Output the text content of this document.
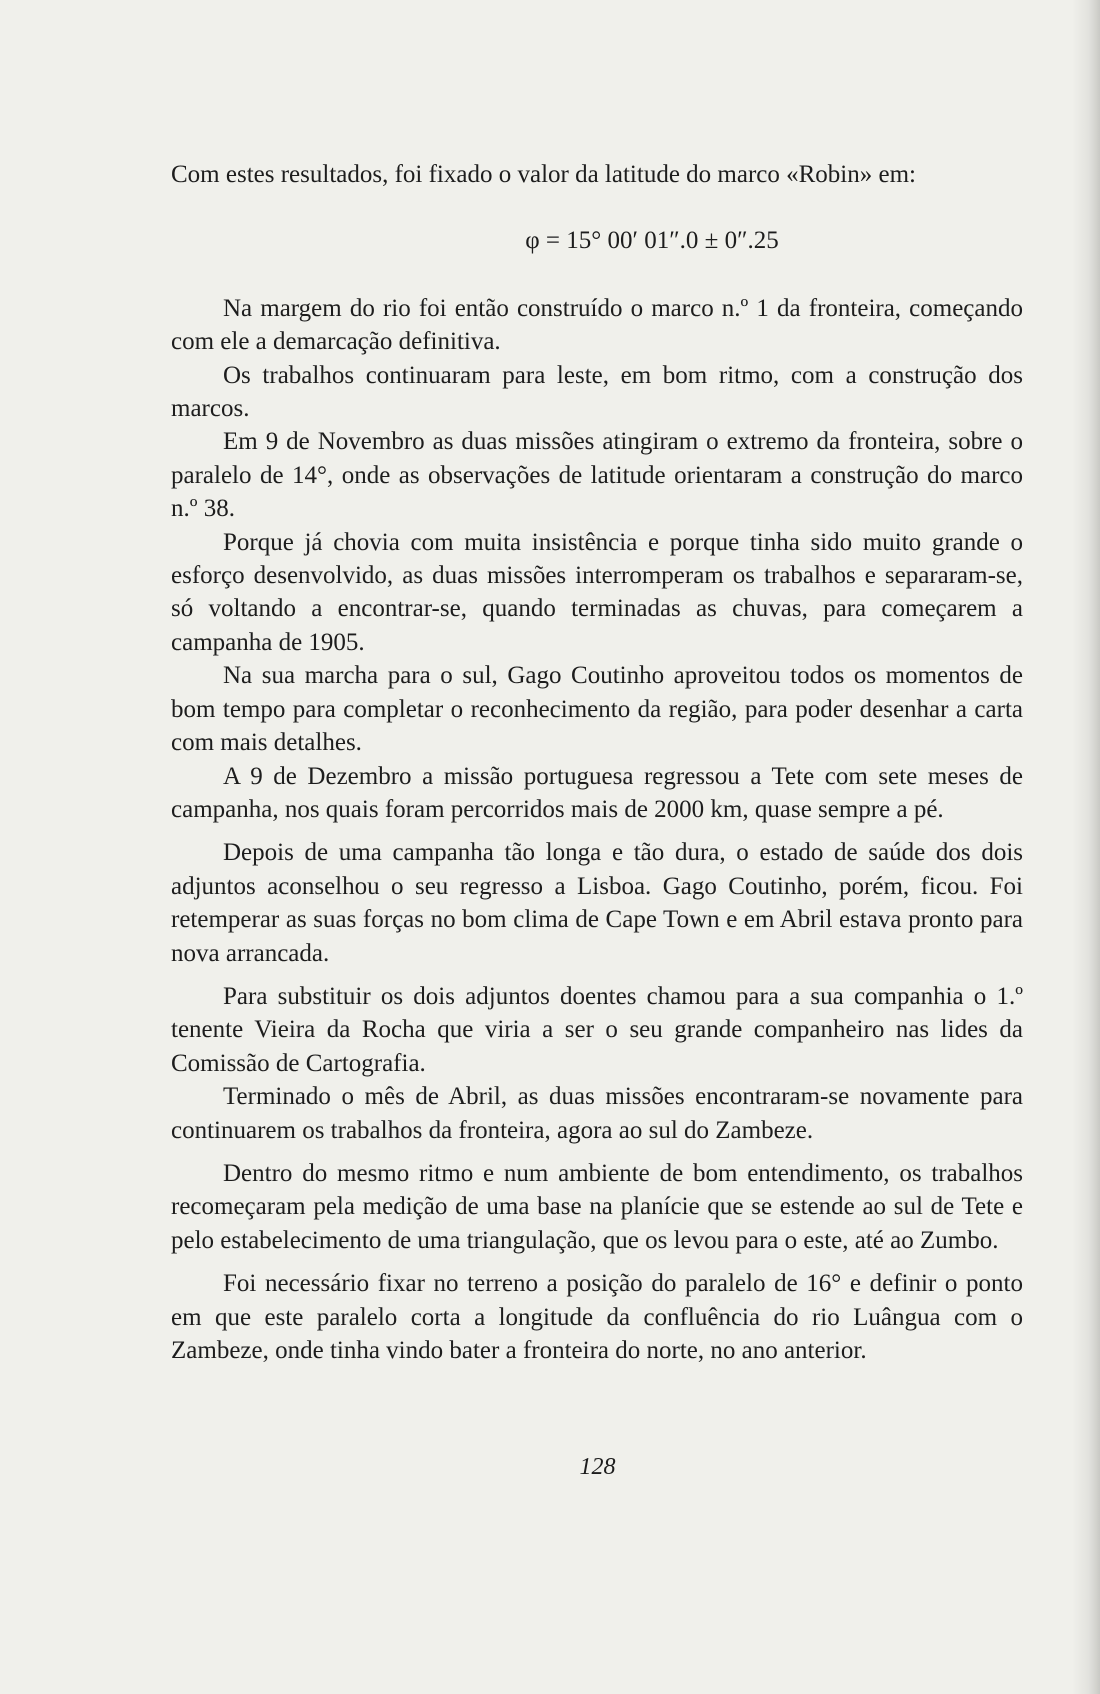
Com estes resultados, foi fixado o valor da latitude do marco «Robin» em:

φ = 15° 00′ 01″.0 ± 0″.25

Na margem do rio foi então construído o marco n.º 1 da fronteira, começando com ele a demarcação definitiva.

Os trabalhos continuaram para leste, em bom ritmo, com a construção dos marcos.

Em 9 de Novembro as duas missões atingiram o extremo da fronteira, sobre o paralelo de 14°, onde as observações de latitude orientaram a construção do marco n.º 38.

Porque já chovia com muita insistência e porque tinha sido muito grande o esforço desenvolvido, as duas missões interromperam os trabalhos e separaram-se, só voltando a encontrar-se, quando terminadas as chuvas, para começarem a campanha de 1905.

Na sua marcha para o sul, Gago Coutinho aproveitou todos os momentos de bom tempo para completar o reconhecimento da região, para poder desenhar a carta com mais detalhes.

A 9 de Dezembro a missão portuguesa regressou a Tete com sete meses de campanha, nos quais foram percorridos mais de 2000 km, quase sempre a pé.

Depois de uma campanha tão longa e tão dura, o estado de saúde dos dois adjuntos aconselhou o seu regresso a Lisboa. Gago Coutinho, porém, ficou. Foi retemperar as suas forças no bom clima de Cape Town e em Abril estava pronto para nova arrancada.

Para substituir os dois adjuntos doentes chamou para a sua companhia o 1.º tenente Vieira da Rocha que viria a ser o seu grande companheiro nas lides da Comissão de Cartografia.

Terminado o mês de Abril, as duas missões encontraram-se novamente para continuarem os trabalhos da fronteira, agora ao sul do Zambeze.

Dentro do mesmo ritmo e num ambiente de bom entendimento, os trabalhos recomeçaram pela medição de uma base na planície que se estende ao sul de Tete e pelo estabelecimento de uma triangulação, que os levou para o este, até ao Zumbo.

Foi necessário fixar no terreno a posição do paralelo de 16° e definir o ponto em que este paralelo corta a longitude da confluência do rio Luângua com o Zambeze, onde tinha vindo bater a fronteira do norte, no ano anterior.

128
